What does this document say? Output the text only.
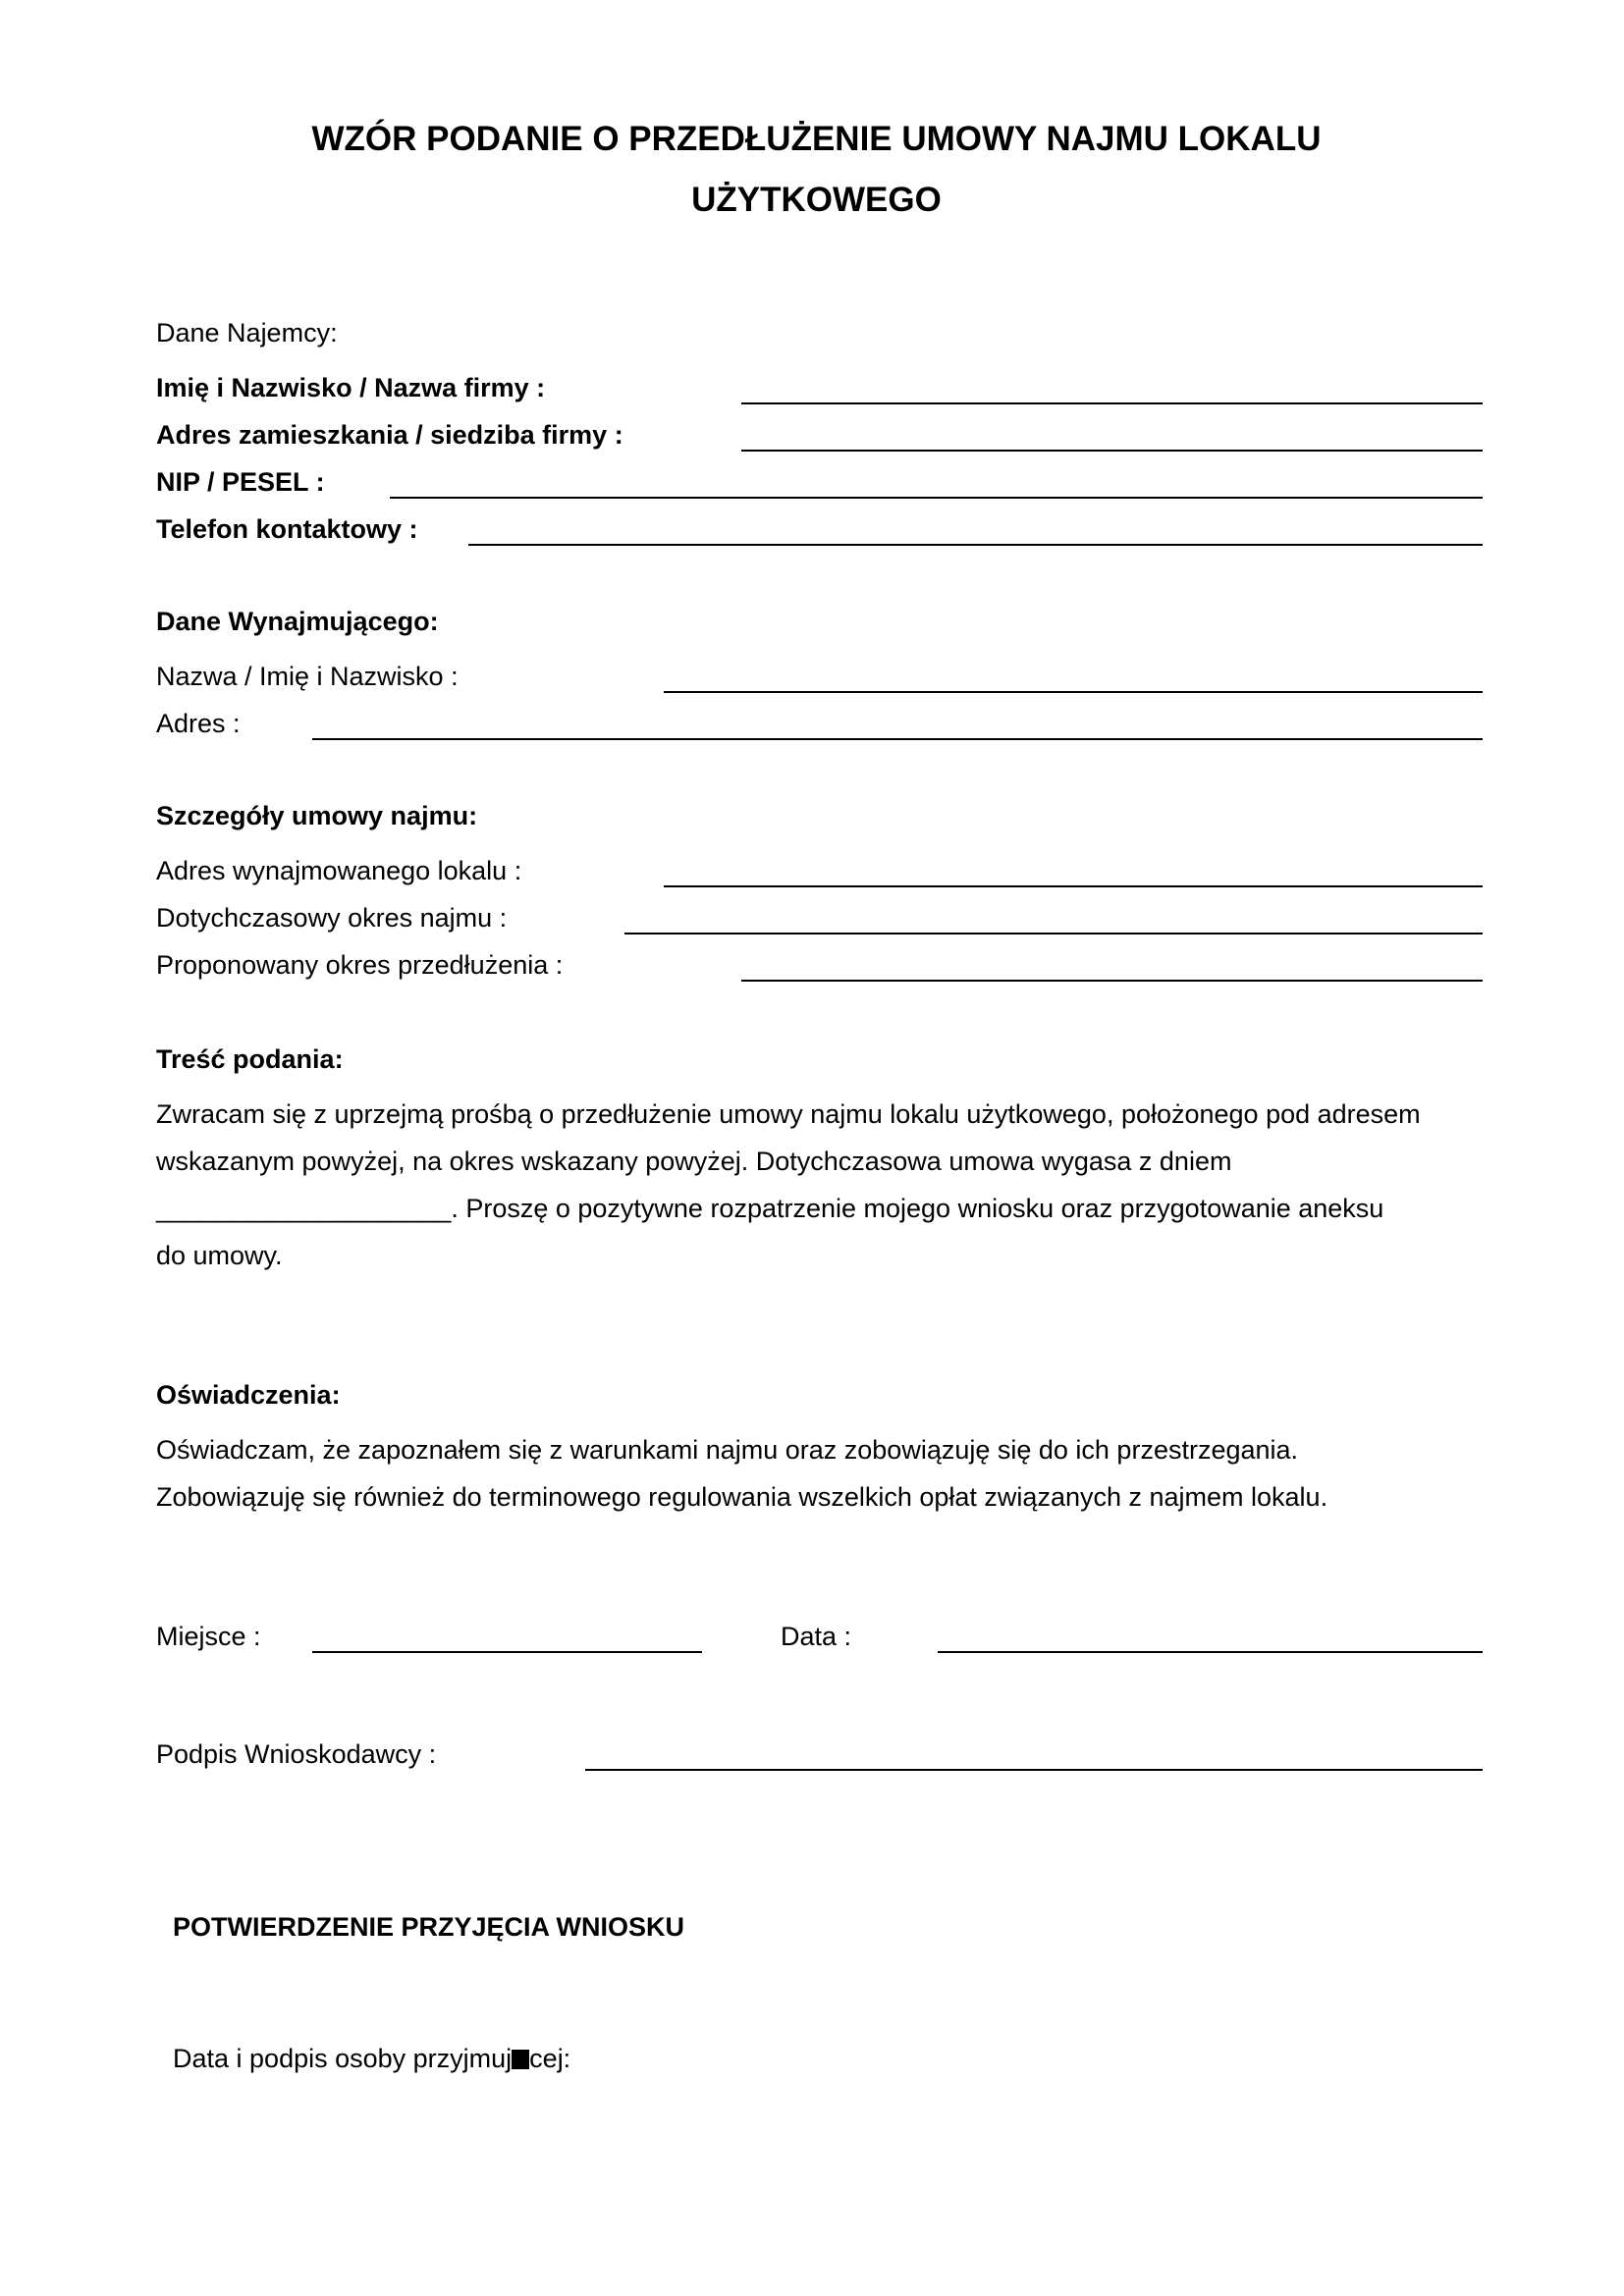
WZÓR PODANIE O PRZEDŁUŻENIE UMOWY NAJMU LOKALU
UŻYTKOWEGO
Dane Najemcy:
Imię i Nazwisko / Nazwa firmy :
Adres zamieszkania / siedziba firmy :
NIP / PESEL :
Telefon kontaktowy :
Dane Wynajmującego:
Nazwa / Imię i Nazwisko :
Adres :
Szczegóły umowy najmu:
Adres wynajmowanego lokalu :
Dotychczasowy okres najmu :
Proponowany okres przedłużenia :
Treść podania:
Zwracam się z uprzejmą prośbą o przedłużenie umowy najmu lokalu użytkowego, położonego pod adresem
wskazanym powyżej, na okres wskazany powyżej. Dotychczasowa umowa wygasa z dniem
____________________. Proszę o pozytywne rozpatrzenie mojego wniosku oraz przygotowanie aneksu
do umowy.
Oświadczenia:
Oświadczam, że zapoznałem się z warunkami najmu oraz zobowiązuję się do ich przestrzegania.
Zobowiązuję się również do terminowego regulowania wszelkich opłat związanych z najmem lokalu.
Miejsce :	Data :
Podpis Wnioskodawcy :
POTWIERDZENIE PRZYJĘCIA WNIOSKU
Data i podpis osoby przyjmuj cej:
